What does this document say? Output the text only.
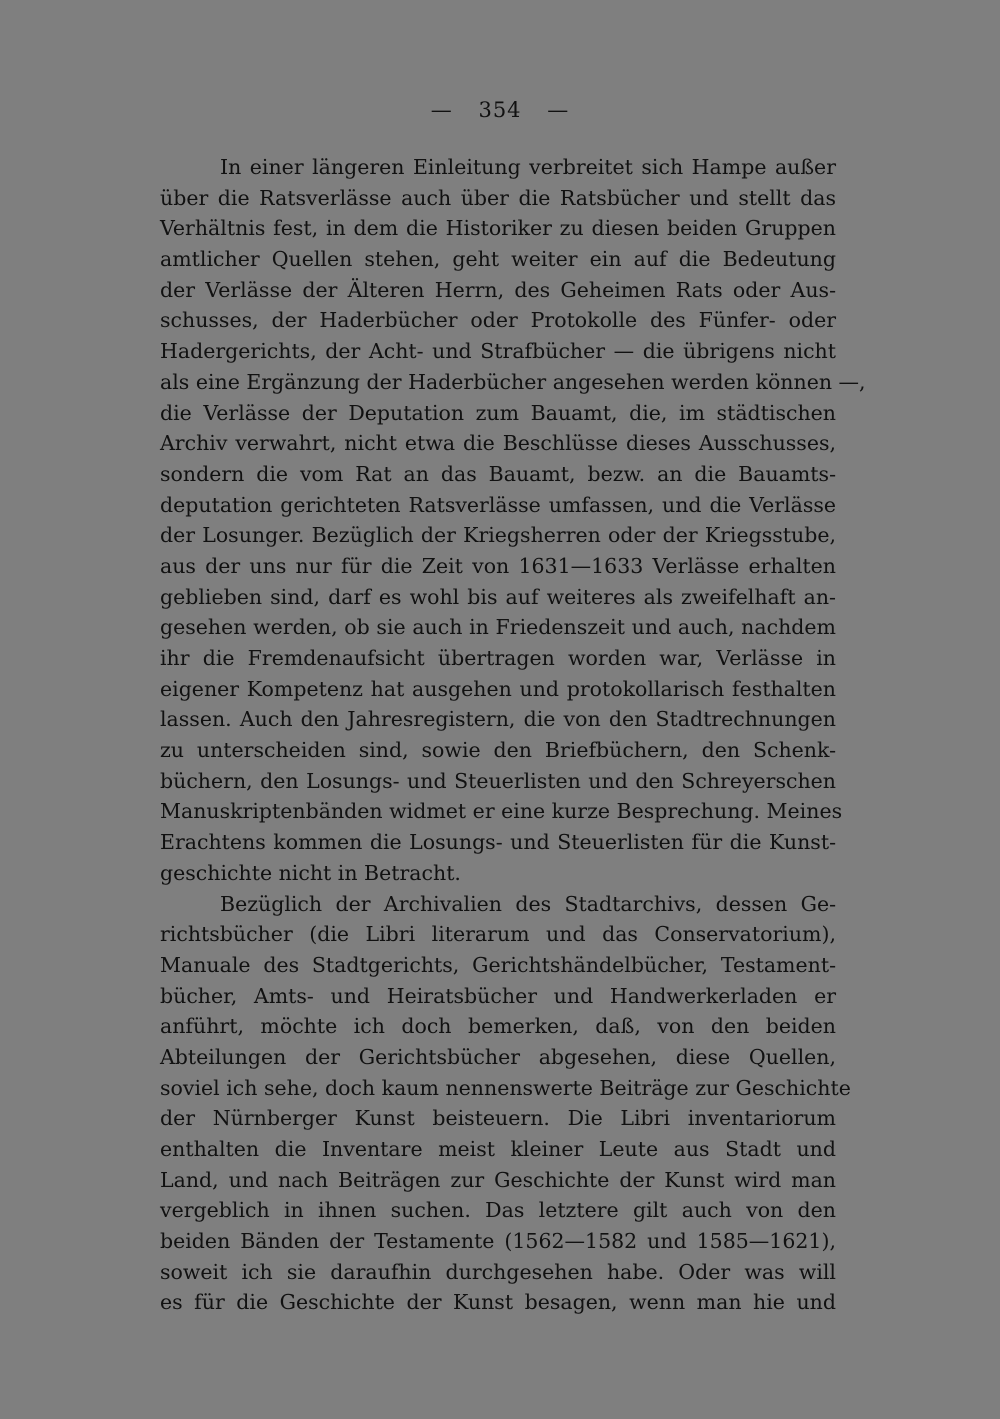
— 354 —
In einer längeren Einleitung verbreitet sich Hampe außer
über die Ratsverlässe auch über die Ratsbücher und stellt das
Verhältnis fest, in dem die Historiker zu diesen beiden Gruppen
amtlicher Quellen stehen, geht weiter ein auf die Bedeutung
der Verlässe der Älteren Herrn, des Geheimen Rats oder Aus-
schusses, der Haderbücher oder Protokolle des Fünfer- oder
Hadergerichts, der Acht- und Strafbücher — die übrigens nicht
als eine Ergänzung der Haderbücher angesehen werden können —,
die Verlässe der Deputation zum Bauamt, die, im städtischen
Archiv verwahrt, nicht etwa die Beschlüsse dieses Ausschusses,
sondern die vom Rat an das Bauamt, bezw. an die Bauamts-
deputation gerichteten Ratsverlässe umfassen, und die Verlässe
der Losunger. Bezüglich der Kriegsherren oder der Kriegsstube,
aus der uns nur für die Zeit von 1631—1633 Verlässe erhalten
geblieben sind, darf es wohl bis auf weiteres als zweifelhaft an-
gesehen werden, ob sie auch in Friedenszeit und auch, nachdem
ihr die Fremdenaufsicht übertragen worden war, Verlässe in
eigener Kompetenz hat ausgehen und protokollarisch festhalten
lassen. Auch den Jahresregistern, die von den Stadtrechnungen
zu unterscheiden sind, sowie den Briefbüchern, den Schenk-
büchern, den Losungs- und Steuerlisten und den Schreyerschen
Manuskriptenbänden widmet er eine kurze Besprechung. Meines
Erachtens kommen die Losungs- und Steuerlisten für die Kunst-
geschichte nicht in Betracht.
Bezüglich der Archivalien des Stadtarchivs, dessen Ge-
richtsbücher (die Libri literarum und das Conservatorium),
Manuale des Stadtgerichts, Gerichtshändelbücher, Testament-
bücher, Amts- und Heiratsbücher und Handwerkerladen er
anführt, möchte ich doch bemerken, daß, von den beiden
Abteilungen der Gerichtsbücher abgesehen, diese Quellen,
soviel ich sehe, doch kaum nennenswerte Beiträge zur Geschichte
der Nürnberger Kunst beisteuern. Die Libri inventariorum
enthalten die Inventare meist kleiner Leute aus Stadt und
Land, und nach Beiträgen zur Geschichte der Kunst wird man
vergeblich in ihnen suchen. Das letztere gilt auch von den
beiden Bänden der Testamente (1562—1582 und 1585—1621),
soweit ich sie daraufhin durchgesehen habe. Oder was will
es für die Geschichte der Kunst besagen, wenn man hie und
